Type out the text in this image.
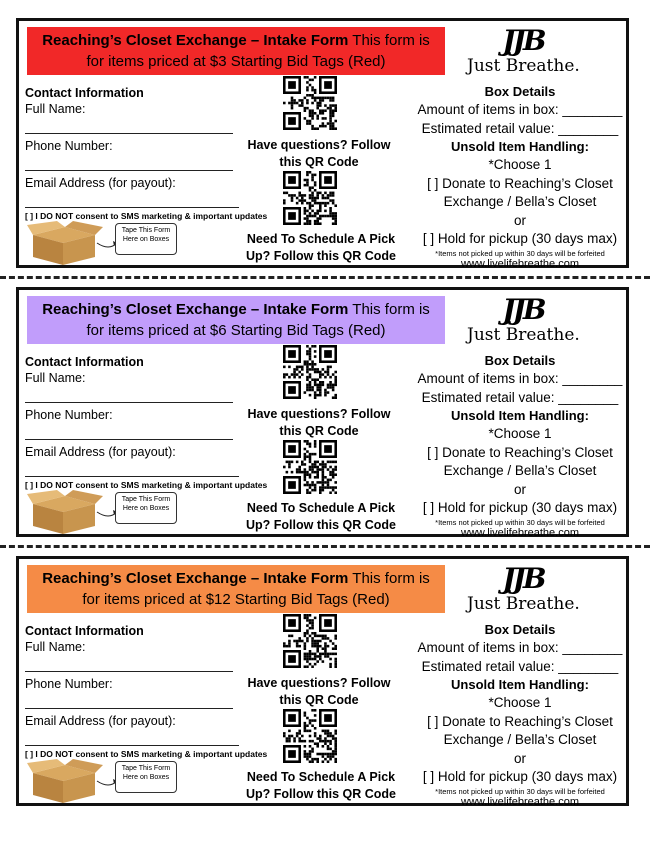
Reaching’s Closet Exchange – Intake Form This form is for items priced at $3 Starting Bid Tags (Red)
JJB
Just Breathe.
Contact Information
Full Name:
Phone Number:
Email Address (for payout):
[ ] I DO NOT consent to SMS marketing & important updates
Tape This Form Here on Boxes
Have questions? Follow this QR Code
Need To Schedule A Pick Up? Follow this QR Code
Box Details
Amount of items in box: ________
Estimated retail value: ________
Unsold Item Handling:
*Choose 1
[ ] Donate to Reaching’s Closet
Exchange / Bella’s Closet
or
[ ] Hold for pickup (30 days max)
*Items not picked up within 30 days will be forfeited
www.livelifebreathe.com
Reaching’s Closet Exchange – Intake Form This form is for items priced at $6 Starting Bid Tags (Red)
JJB
Just Breathe.
Contact Information
Full Name:
Phone Number:
Email Address (for payout):
[ ] I DO NOT consent to SMS marketing & important updates
Tape This Form Here on Boxes
Have questions? Follow this QR Code
Need To Schedule A Pick Up? Follow this QR Code
Box Details
Amount of items in box: ________
Estimated retail value: ________
Unsold Item Handling:
*Choose 1
[ ] Donate to Reaching’s Closet
Exchange / Bella’s Closet
or
[ ] Hold for pickup (30 days max)
*Items not picked up within 30 days will be forfeited
www.livelifebreathe.com
Reaching’s Closet Exchange – Intake Form This form is for items priced at $12 Starting Bid Tags (Red)
JJB
Just Breathe.
Contact Information
Full Name:
Phone Number:
Email Address (for payout):
[ ] I DO NOT consent to SMS marketing & important updates
Tape This Form Here on Boxes
Have questions? Follow this QR Code
Need To Schedule A Pick Up? Follow this QR Code
Box Details
Amount of items in box: ________
Estimated retail value: ________
Unsold Item Handling:
*Choose 1
[ ] Donate to Reaching’s Closet
Exchange / Bella’s Closet
or
[ ] Hold for pickup (30 days max)
*Items not picked up within 30 days will be forfeited
www.livelifebreathe.com
